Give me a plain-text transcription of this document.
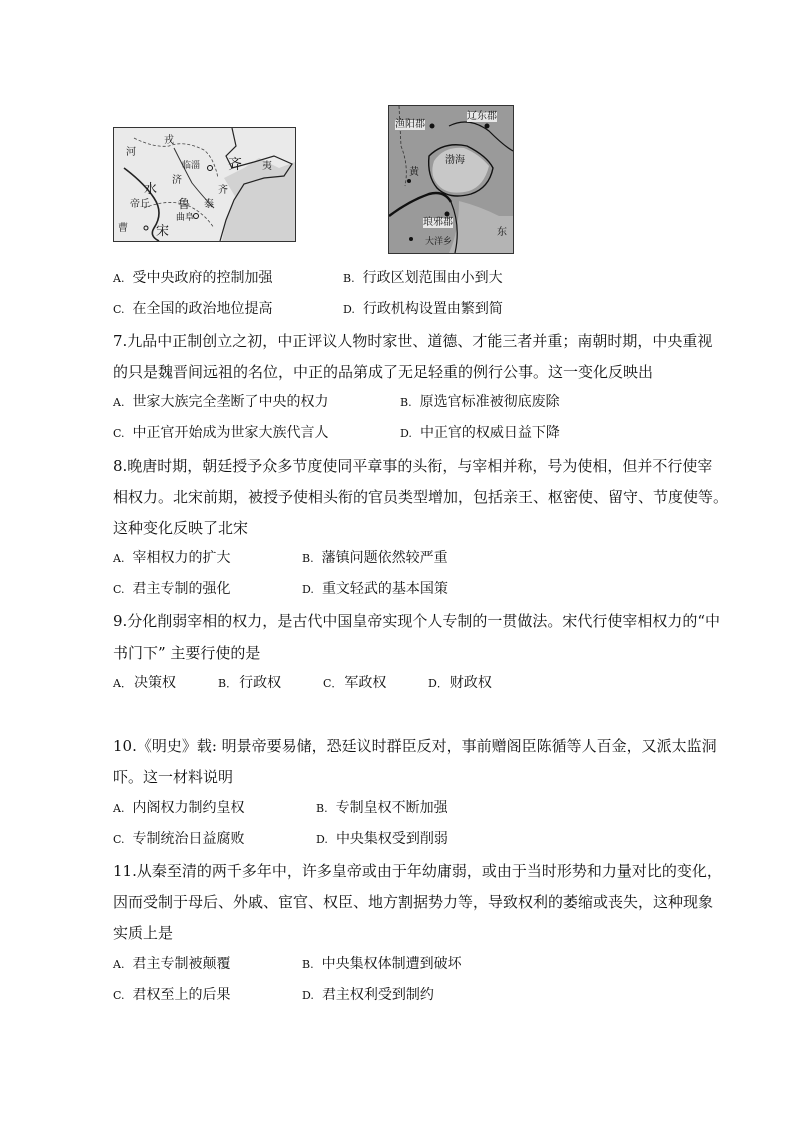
河
水
济
临淄 齐 夷
齐
帝丘 鲁
曲阜
宋
曹
戎
泰
渔阳郡
辽东郡
渤海
琅邪郡
大洋乡
东
黄
A. 受中央政府的控制加强	B. 行政区划范围由小到大
C. 在全国的政治地位提高	D. 行政机构设置由繁到简
7.九品中正制创立之初，中正评议人物时家世、道德、才能三者并重；南朝时期，中央重视
的只是魏晋间远祖的名位，中正的品第成了无足轻重的例行公事。这一变化反映出
A. 世家大族完全垄断了中央的权力	B. 原选官标准被彻底废除
C. 中正官开始成为世家大族代言人	D. 中正官的权威日益下降
8.晚唐时期，朝廷授予众多节度使同平章事的头衔，与宰相并称，号为使相，但并不行使宰
相权力。北宋前期，被授予使相头衔的官员类型增加，包括亲王、枢密使、留守、节度使等。
这种变化反映了北宋
A. 宰相权力的扩大	B. 藩镇问题依然较严重
C. 君主专制的强化	D. 重文轻武的基本国策
9.分化削弱宰相的权力，是古代中国皇帝实现个人专制的一贯做法。宋代行使宰相权力的“中
书门下” 主要行使的是
A． 决策权	B． 行政权	C． 军政权	D． 财政权
10.《明史》载: 明景帝要易储，恐廷议时群臣反对，事前赠阁臣陈循等人百金，又派太监洞
吓。这一材料说明
A. 内阁权力制约皇权	B. 专制皇权不断加强
C. 专制统治日益腐败	D. 中央集权受到削弱
11.从秦至清的两千多年中，许多皇帝或由于年幼庸弱，或由于当时形势和力量对比的变化，
因而受制于母后、外戚、宦官、权臣、地方割据势力等，导致权利的萎缩或丧失，这种现象
实质上是
A. 君主专制被颠覆	B. 中央集权体制遭到破坏
C. 君权至上的后果	D. 君主权利受到制约
